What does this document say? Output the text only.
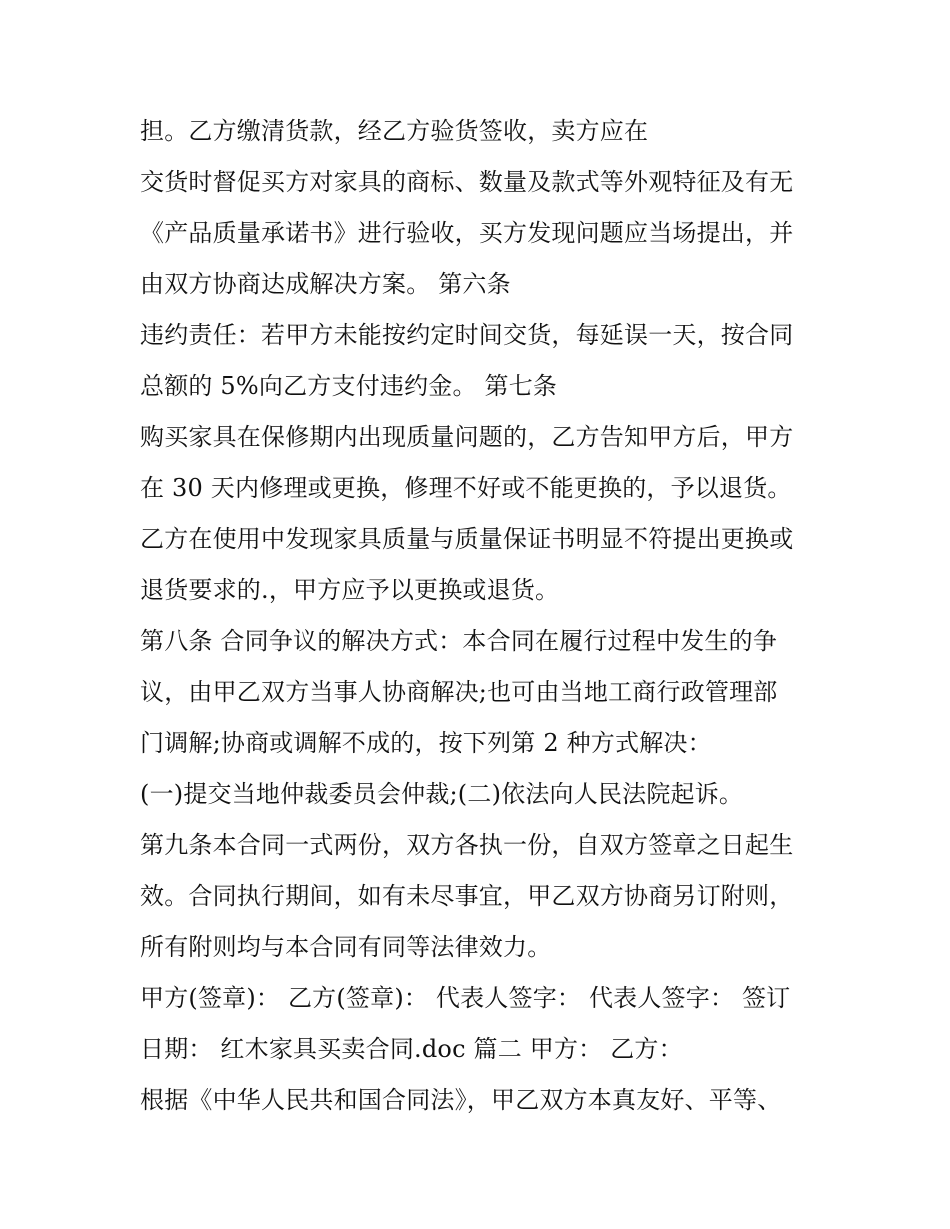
担。乙方缴清货款，经乙方验货签收，卖方应在
交货时督促买方对家具的商标、数量及款式等外观特征及有无
《产品质量承诺书》进行验收，买方发现问题应当场提出，并
由双方协商达成解决方案。 第六条
违约责任：若甲方未能按约定时间交货，每延误一天，按合同
总额的 5%向乙方支付违约金。 第七条
购买家具在保修期内出现质量问题的，乙方告知甲方后，甲方
在 30 天内修理或更换，修理不好或不能更换的，予以退货。
乙方在使用中发现家具质量与质量保证书明显不符提出更换或
退货要求的.，甲方应予以更换或退货。
第八条 合同争议的解决方式：本合同在履行过程中发生的争
议，由甲乙双方当事人协商解决;也可由当地工商行政管理部
门调解;协商或调解不成的，按下列第 2 种方式解决：
(一)提交当地仲裁委员会仲裁;(二)依法向人民法院起诉。
第九条本合同一式两份，双方各执一份，自双方签章之日起生
效。合同执行期间，如有未尽事宜，甲乙双方协商另订附则，
所有附则均与本合同有同等法律效力。
甲方(签章)： 乙方(签章)： 代表人签字： 代表人签字： 签订
日期： 红木家具买卖合同.doc 篇二 甲方： 乙方：
根据《中华人民共和国合同法》，甲乙双方本真友好、平等、
